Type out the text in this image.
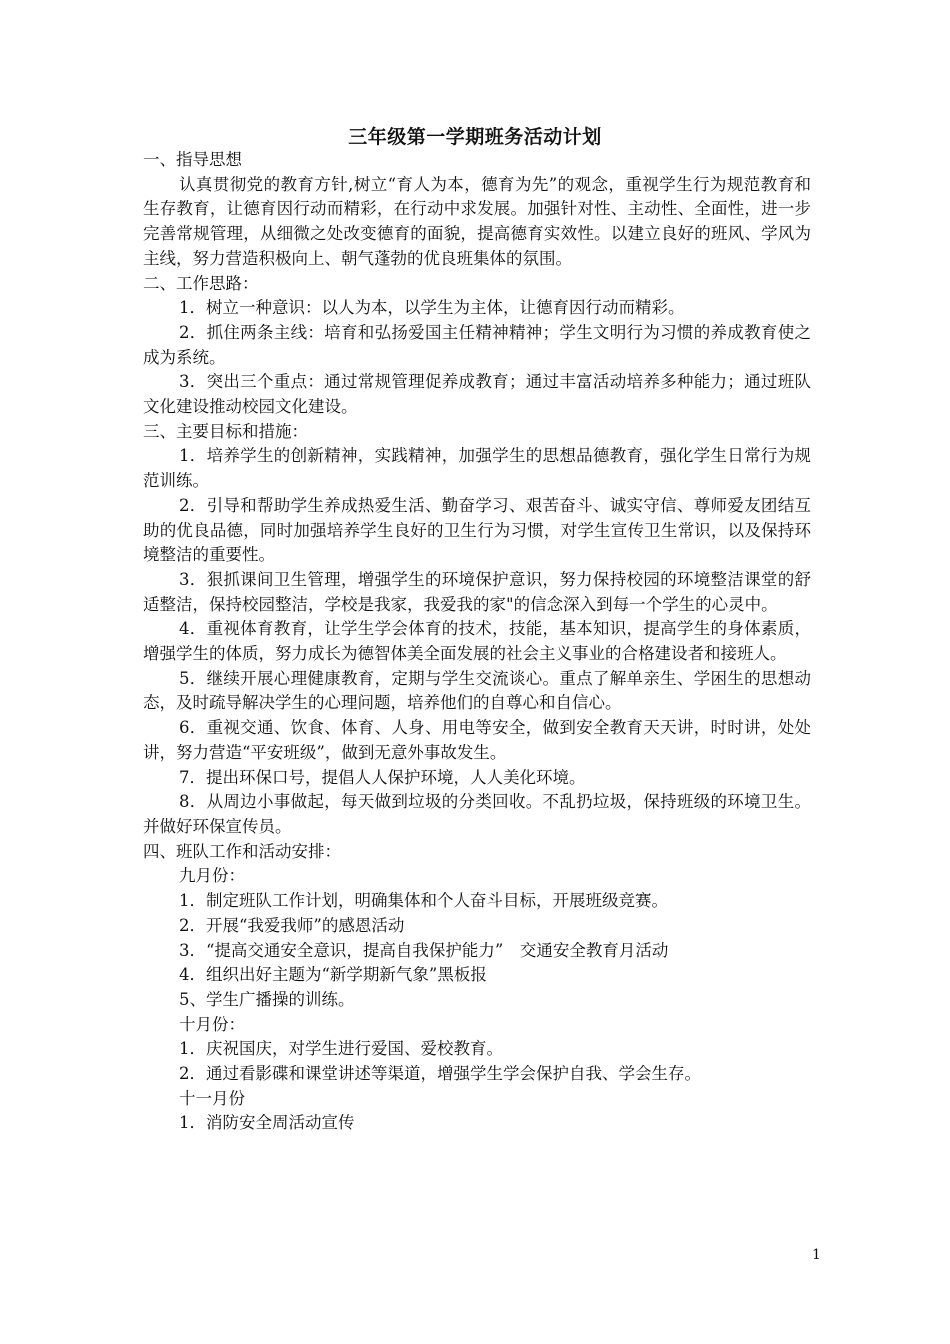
三年级第一学期班务活动计划

一、指导思想

认真贯彻党的教育方针,树立“育人为本，德育为先”的观念，重视学生行为规范教育和生存教育，让德育因行动而精彩，在行动中求发展。加强针对性、主动性、全面性，进一步完善常规管理，从细微之处改变德育的面貌，提高德育实效性。以建立良好的班风、学风为主线，努力营造积极向上、朝气蓬勃的优良班集体的氛围。

二、工作思路：

1．树立一种意识：以人为本，以学生为主体，让德育因行动而精彩。

2．抓住两条主线：培育和弘扬爱国主任精神精神；学生文明行为习惯的养成教育使之成为系统。

3．突出三个重点：通过常规管理促养成教育；通过丰富活动培养多种能力；通过班队文化建设推动校园文化建设。

三、主要目标和措施：

1．培养学生的创新精神，实践精神，加强学生的思想品德教育，强化学生日常行为规范训练。

2．引导和帮助学生养成热爱生活、勤奋学习、艰苦奋斗、诚实守信、尊师爱友团结互助的优良品德，同时加强培养学生良好的卫生行为习惯，对学生宣传卫生常识，以及保持环境整洁的重要性。

3．狠抓课间卫生管理，增强学生的环境保护意识，努力保持校园的环境整洁课堂的舒适整洁，保持校园整洁，学校是我家，我爱我的家"的信念深入到每一个学生的心灵中。

4．重视体育教育，让学生学会体育的技术，技能，基本知识，提高学生的身体素质，增强学生的体质，努力成长为德智体美全面发展的社会主义事业的合格建设者和接班人。

5．继续开展心理健康教育，定期与学生交流谈心。重点了解单亲生、学困生的思想动态，及时疏导解决学生的心理问题，培养他们的自尊心和自信心。

6．重视交通、饮食、体育、人身、用电等安全，做到安全教育天天讲，时时讲，处处讲，努力营造“平安班级”，做到无意外事故发生。

7．提出环保口号，提倡人人保护环境，人人美化环境。

8．从周边小事做起，每天做到垃圾的分类回收。不乱扔垃圾，保持班级的环境卫生。并做好环保宣传员。

四、班队工作和活动安排：

九月份：

1．制定班队工作计划，明确集体和个人奋斗目标，开展班级竞赛。

2．开展“我爱我师”的感恩活动

3．“提高交通安全意识，提高自我保护能力”　交通安全教育月活动

4．组织出好主题为“新学期新气象”黑板报

5、学生广播操的训练。

十月份：

1．庆祝国庆，对学生进行爱国、爱校教育。

2．通过看影碟和课堂讲述等渠道，增强学生学会保护自我、学会生存。

十一月份

1．消防安全周活动宣传

1
